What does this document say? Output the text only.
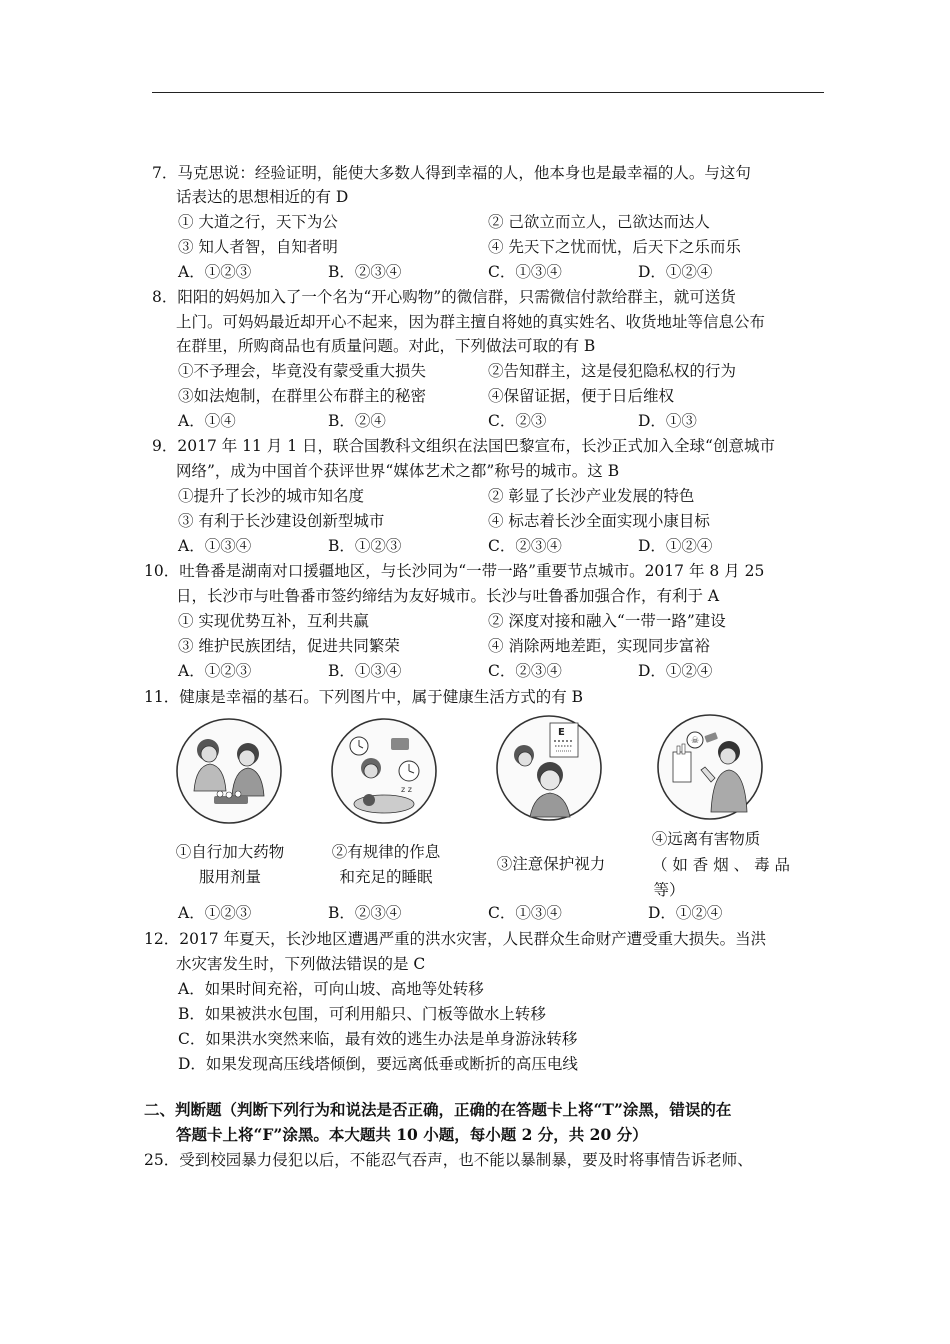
7．马克思说：经验证明，能使大多数人得到幸福的人，他本身也是最幸福的人。与这句
话表达的思想相近的有 D
① 大道之行，天下为公	② 己欲立而立人，己欲达而达人
③ 知人者智，自知者明	④ 先天下之忧而忧，后天下之乐而乐
A．①②③	B．②③④	C．①③④	D．①②④
8．阳阳的妈妈加入了一个名为“开心购物”的微信群，只需微信付款给群主，就可送货
上门。可妈妈最近却开心不起来，因为群主擅自将她的真实姓名、收货地址等信息公布
在群里，所购商品也有质量问题。对此，下列做法可取的有 B
①不予理会，毕竟没有蒙受重大损失	②告知群主，这是侵犯隐私权的行为
③如法炮制，在群里公布群主的秘密	④保留证据，便于日后维权
A．①④	B．②④	C．②③	D．①③
9．2017 年 11 月 1 日，联合国教科文组织在法国巴黎宣布，长沙正式加入全球“创意城市
网络”，成为中国首个获评世界“媒体艺术之都”称号的城市。这 B
①提升了长沙的城市知名度	② 彰显了长沙产业发展的特色
③ 有利于长沙建设创新型城市	④ 标志着长沙全面实现小康目标
A．①③④	B．①②③	C．②③④	D．①②④
10．吐鲁番是湖南对口援疆地区，与长沙同为“一带一路”重要节点城市。2017 年 8 月 25
日，长沙市与吐鲁番市签约缔结为友好城市。长沙与吐鲁番加强合作，有利于 A
① 实现优势互补，互利共赢	② 深度对接和融入“一带一路”建设
③ 维护民族团结，促进共同繁荣	④ 消除两地差距，实现同步富裕
A．①②③	B．①③④	C．②③④	D．①②④
11．健康是幸福的基石。下列图片中，属于健康生活方式的有 B
z z
E
☠
①自行加大药物
服用剂量
②有规律的作息
和充足的睡眠
③注意保护视力
④远离有害物质
（ 如 香 烟 、 毒 品
等）
A．①②③	B．②③④	C．①③④	D．①②④
12．2017 年夏天，长沙地区遭遇严重的洪水灾害，人民群众生命财产遭受重大损失。当洪
水灾害发生时，下列做法错误的是 C
A．如果时间充裕，可向山坡、高地等处转移
B．如果被洪水包围，可利用船只、门板等做水上转移
C．如果洪水突然来临，最有效的逃生办法是单身游泳转移
D．如果发现高压线塔倾倒，要远离低垂或断折的高压电线
二、判断题（判断下列行为和说法是否正确，正确的在答题卡上将“T”涂黑，错误的在
答题卡上将“F”涂黑。本大题共 10 小题，每小题 2 分，共 20 分）
25．受到校园暴力侵犯以后，不能忍气吞声，也不能以暴制暴，要及时将事情告诉老师、
